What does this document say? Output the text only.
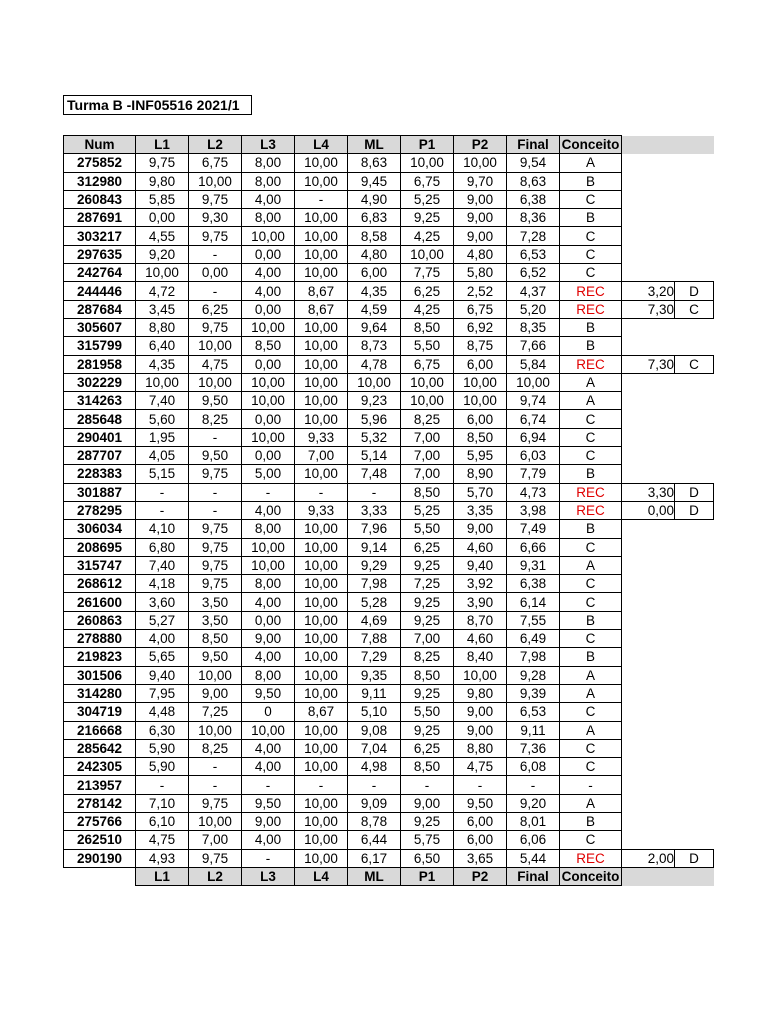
Turma B -INF05516 2021/1
Num	L1	L2	L3	L4	ML	P1	P2	Final	Conceito		
275852	9,75	6,75	8,00	10,00	8,63	10,00	10,00	9,54	A		
312980	9,80	10,00	8,00	10,00	9,45	6,75	9,70	8,63	B		
260843	5,85	9,75	4,00	-	4,90	5,25	9,00	6,38	C		
287691	0,00	9,30	8,00	10,00	6,83	9,25	9,00	8,36	B		
303217	4,55	9,75	10,00	10,00	8,58	4,25	9,00	7,28	C		
297635	9,20	-	0,00	10,00	4,80	10,00	4,80	6,53	C		
242764	10,00	0,00	4,00	10,00	6,00	7,75	5,80	6,52	C		
244446	4,72	-	4,00	8,67	4,35	6,25	2,52	4,37	REC	3,20	D
287684	3,45	6,25	0,00	8,67	4,59	4,25	6,75	5,20	REC	7,30	C
305607	8,80	9,75	10,00	10,00	9,64	8,50	6,92	8,35	B		
315799	6,40	10,00	8,50	10,00	8,73	5,50	8,75	7,66	B		
281958	4,35	4,75	0,00	10,00	4,78	6,75	6,00	5,84	REC	7,30	C
302229	10,00	10,00	10,00	10,00	10,00	10,00	10,00	10,00	A		
314263	7,40	9,50	10,00	10,00	9,23	10,00	10,00	9,74	A		
285648	5,60	8,25	0,00	10,00	5,96	8,25	6,00	6,74	C		
290401	1,95	-	10,00	9,33	5,32	7,00	8,50	6,94	C		
287707	4,05	9,50	0,00	7,00	5,14	7,00	5,95	6,03	C		
228383	5,15	9,75	5,00	10,00	7,48	7,00	8,90	7,79	B		
301887	-	-	-	-	-	8,50	5,70	4,73	REC	3,30	D
278295	-	-	4,00	9,33	3,33	5,25	3,35	3,98	REC	0,00	D
306034	4,10	9,75	8,00	10,00	7,96	5,50	9,00	7,49	B		
208695	6,80	9,75	10,00	10,00	9,14	6,25	4,60	6,66	C		
315747	7,40	9,75	10,00	10,00	9,29	9,25	9,40	9,31	A		
268612	4,18	9,75	8,00	10,00	7,98	7,25	3,92	6,38	C		
261600	3,60	3,50	4,00	10,00	5,28	9,25	3,90	6,14	C		
260863	5,27	3,50	0,00	10,00	4,69	9,25	8,70	7,55	B		
278880	4,00	8,50	9,00	10,00	7,88	7,00	4,60	6,49	C		
219823	5,65	9,50	4,00	10,00	7,29	8,25	8,40	7,98	B		
301506	9,40	10,00	8,00	10,00	9,35	8,50	10,00	9,28	A		
314280	7,95	9,00	9,50	10,00	9,11	9,25	9,80	9,39	A		
304719	4,48	7,25	0	8,67	5,10	5,50	9,00	6,53	C		
216668	6,30	10,00	10,00	10,00	9,08	9,25	9,00	9,11	A		
285642	5,90	8,25	4,00	10,00	7,04	6,25	8,80	7,36	C		
242305	5,90	-	4,00	10,00	4,98	8,50	4,75	6,08	C		
213957	-	-	-	-	-	-	-	-	-		
278142	7,10	9,75	9,50	10,00	9,09	9,00	9,50	9,20	A		
275766	6,10	10,00	9,00	10,00	8,78	9,25	6,00	8,01	B		
262510	4,75	7,00	4,00	10,00	6,44	5,75	6,00	6,06	C		
290190	4,93	9,75	-	10,00	6,17	6,50	3,65	5,44	REC	2,00	D
	L1	L2	L3	L4	ML	P1	P2	Final	Conceito		
